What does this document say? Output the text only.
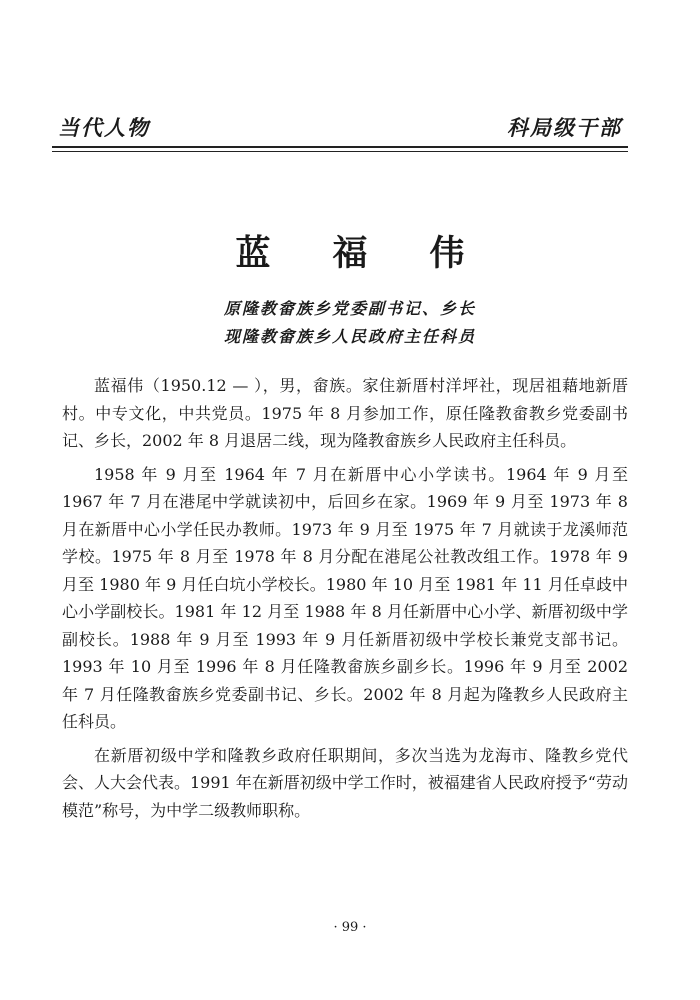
当代人物	科局级干部
蓝福伟
原隆教畲族乡党委副书记、乡长
现隆教畲族乡人民政府主任科员

蓝福伟（1950.12 — ），男，畲族。家住新厝村洋坪社，现居祖藉地新厝村。中专文化，中共党员。1975 年 8 月参加工作，原任隆教畲教乡党委副书记、乡长，2002 年 8 月退居二线，现为隆教畲族乡人民政府主任科员。

1958 年 9 月至 1964 年 7 月在新厝中心小学读书。1964 年 9 月至 1967 年 7 月在港尾中学就读初中，后回乡在家。1969 年 9 月至 1973 年 8 月在新厝中心小学任民办教师。1973 年 9 月至 1975 年 7 月就读于龙溪师范学校。1975 年 8 月至 1978 年 8 月分配在港尾公社教改组工作。1978 年 9 月至 1980 年 9 月任白坑小学校长。1980 年 10 月至 1981 年 11 月任卓歧中心小学副校长。1981 年 12 月至 1988 年 8 月任新厝中心小学、新厝初级中学副校长。1988 年 9 月至 1993 年 9 月任新厝初级中学校长兼党支部书记。1993 年 10 月至 1996 年 8 月任隆教畲族乡副乡长。1996 年 9 月至 2002 年 7 月任隆教畲族乡党委副书记、乡长。2002 年 8 月起为隆教乡人民政府主任科员。

在新厝初级中学和隆教乡政府任职期间，多次当选为龙海市、隆教乡党代会、人大会代表。1991 年在新厝初级中学工作时，被福建省人民政府授予“劳动模范”称号，为中学二级教师职称。

· 99 ·
